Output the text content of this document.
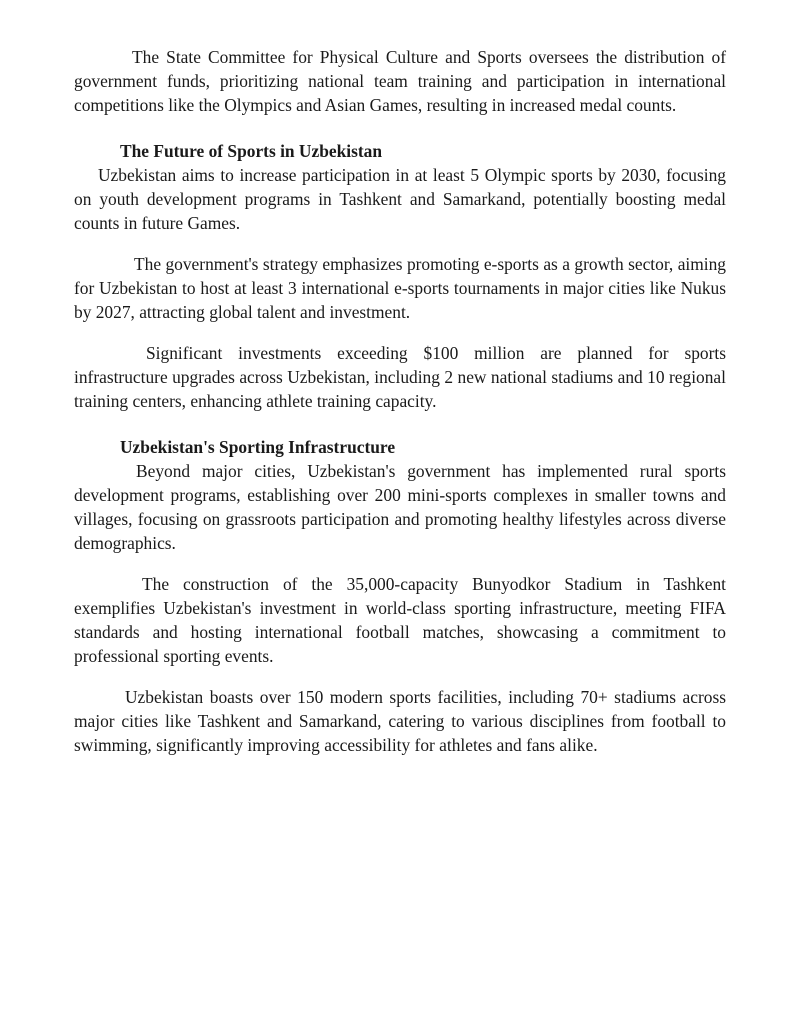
The State Committee for Physical Culture and Sports oversees the distribution of government funds, prioritizing national team training and participation in international competitions like the Olympics and Asian Games, resulting in increased medal counts.

The Future of Sports in Uzbekistan

Uzbekistan aims to increase participation in at least 5 Olympic sports by 2030, focusing on youth development programs in Tashkent and Samarkand, potentially boosting medal counts in future Games.

The government's strategy emphasizes promoting e-sports as a growth sector, aiming for Uzbekistan to host at least 3 international e-sports tournaments in major cities like Nukus by 2027, attracting global talent and investment.

Significant investments exceeding $100 million are planned for sports infrastructure upgrades across Uzbekistan, including 2 new national stadiums and 10 regional training centers, enhancing athlete training capacity.

Uzbekistan's Sporting Infrastructure

Beyond major cities, Uzbekistan's government has implemented rural sports development programs, establishing over 200 mini-sports complexes in smaller towns and villages, focusing on grassroots participation and promoting healthy lifestyles across diverse demographics.

The construction of the 35,000-capacity Bunyodkor Stadium in Tashkent exemplifies Uzbekistan's investment in world-class sporting infrastructure, meeting FIFA standards and hosting international football matches, showcasing a commitment to professional sporting events.

Uzbekistan boasts over 150 modern sports facilities, including 70+ stadiums across major cities like Tashkent and Samarkand, catering to various disciplines from football to swimming, significantly improving accessibility for athletes and fans alike.
